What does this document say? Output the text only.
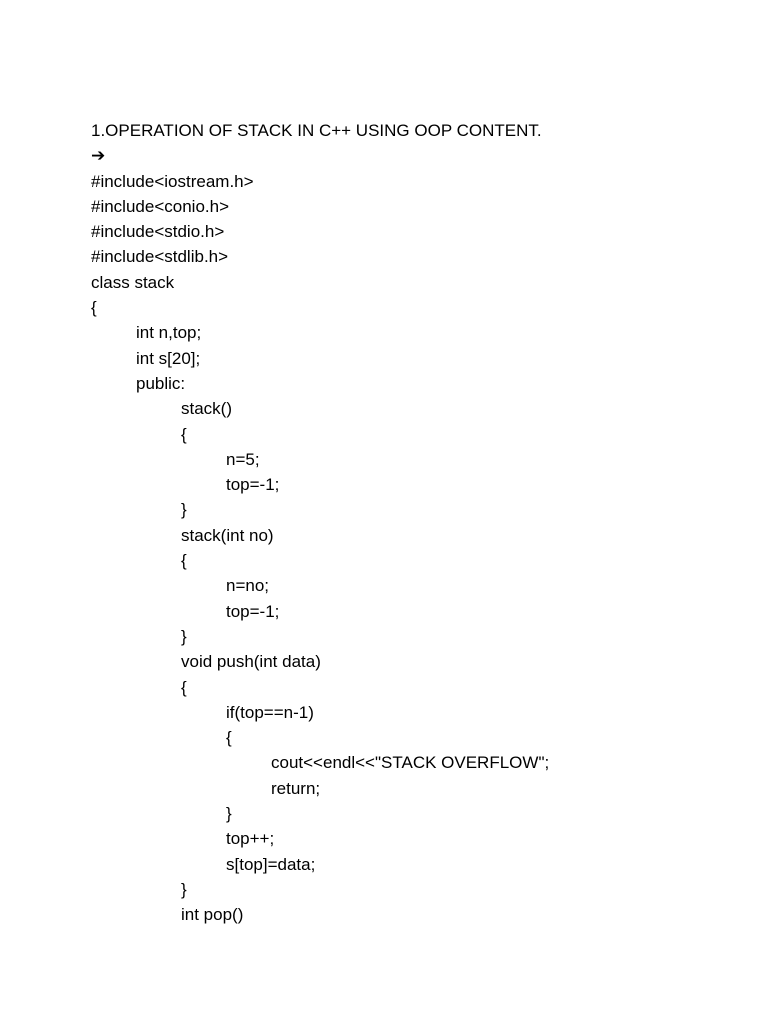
1.OPERATION OF STACK IN C++ USING OOP CONTENT.
➔
#include<iostream.h>
#include<conio.h>
#include<stdio.h>
#include<stdlib.h>
class stack
{
int n,top;
int s[20];
public:
stack()
{
n=5;
top=-1;
}
stack(int no)
{
n=no;
top=-1;
}
void push(int data)
{
if(top==n-1)
{
cout<<endl<<"STACK OVERFLOW";
return;
}
top++;
s[top]=data;
}
int pop()
